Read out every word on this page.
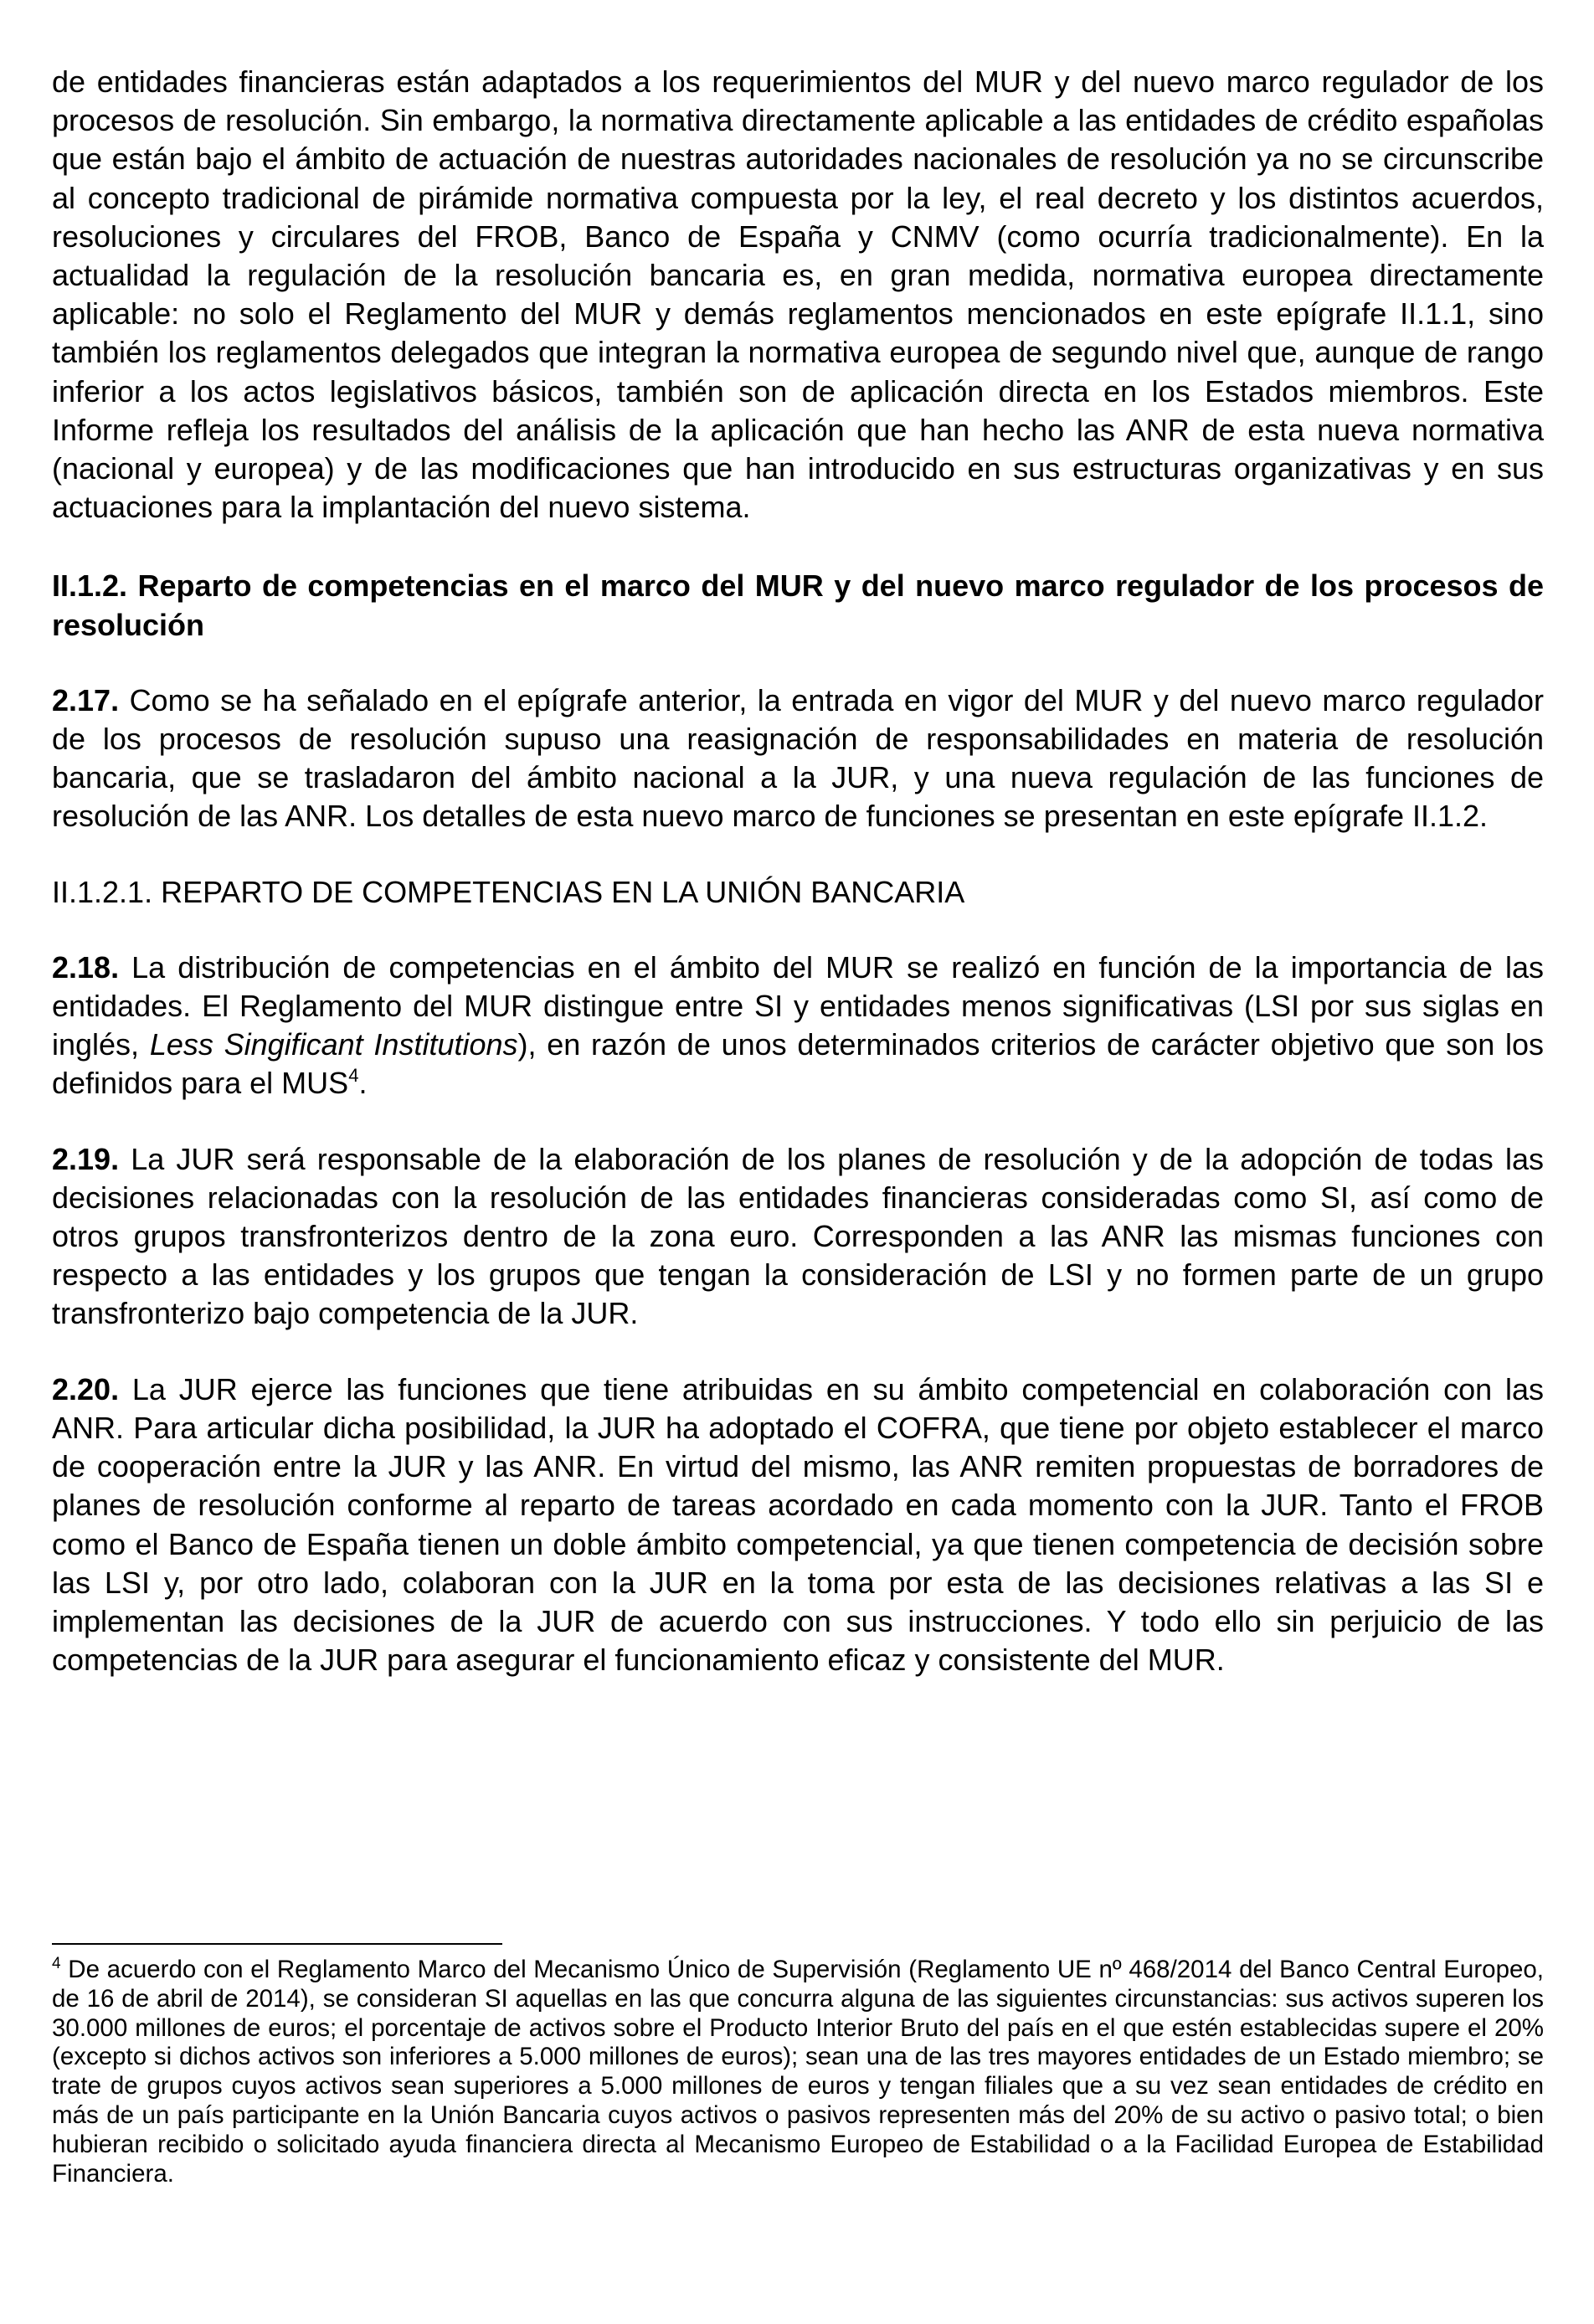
de entidades financieras están adaptados a los requerimientos del MUR y del nuevo marco regulador de los procesos de resolución. Sin embargo, la normativa directamente aplicable a las entidades de crédito españolas que están bajo el ámbito de actuación de nuestras autoridades nacionales de resolución ya no se circunscribe al concepto tradicional de pirámide normativa compuesta por la ley, el real decreto y los distintos acuerdos, resoluciones y circulares del FROB, Banco de España y CNMV (como ocurría tradicionalmente). En la actualidad la regulación de la resolución bancaria es, en gran medida, normativa europea directamente aplicable: no solo el Reglamento del MUR y demás reglamentos mencionados en este epígrafe II.1.1, sino también los reglamentos delegados que integran la normativa europea de segundo nivel que, aunque de rango inferior a los actos legislativos básicos, también son de aplicación directa en los Estados miembros. Este Informe refleja los resultados del análisis de la aplicación que han hecho las ANR de esta nueva normativa (nacional y europea) y de las modificaciones que han introducido en sus estructuras organizativas y en sus actuaciones para la implantación del nuevo sistema.

II.1.2. Reparto de competencias en el marco del MUR y del nuevo marco regulador de los procesos de resolución

2.17. Como se ha señalado en el epígrafe anterior, la entrada en vigor del MUR y del nuevo marco regulador de los procesos de resolución supuso una reasignación de responsabilidades en materia de resolución bancaria, que se trasladaron del ámbito nacional a la JUR, y una nueva regulación de las funciones de resolución de las ANR. Los detalles de esta nuevo marco de funciones se presentan en este epígrafe II.1.2.

II.1.2.1. REPARTO DE COMPETENCIAS EN LA UNIÓN BANCARIA

2.18. La distribución de competencias en el ámbito del MUR se realizó en función de la importancia de las entidades. El Reglamento del MUR distingue entre SI y entidades menos significativas (LSI por sus siglas en inglés, Less Singificant Institutions), en razón de unos determinados criterios de carácter objetivo que son los definidos para el MUS$^4$.

2.19. La JUR será responsable de la elaboración de los planes de resolución y de la adopción de todas las decisiones relacionadas con la resolución de las entidades financieras consideradas como SI, así como de otros grupos transfronterizos dentro de la zona euro. Corresponden a las ANR las mismas funciones con respecto a las entidades y los grupos que tengan la consideración de LSI y no formen parte de un grupo transfronterizo bajo competencia de la JUR.

2.20. La JUR ejerce las funciones que tiene atribuidas en su ámbito competencial en colaboración con las ANR. Para articular dicha posibilidad, la JUR ha adoptado el COFRA, que tiene por objeto establecer el marco de cooperación entre la JUR y las ANR. En virtud del mismo, las ANR remiten propuestas de borradores de planes de resolución conforme al reparto de tareas acordado en cada momento con la JUR. Tanto el FROB como el Banco de España tienen un doble ámbito competencial, ya que tienen competencia de decisión sobre las LSI y, por otro lado, colaboran con la JUR en la toma por esta de las decisiones relativas a las SI e implementan las decisiones de la JUR de acuerdo con sus instrucciones. Y todo ello sin perjuicio de las competencias de la JUR para asegurar el funcionamiento eficaz y consistente del MUR.

$^4$ De acuerdo con el Reglamento Marco del Mecanismo Único de Supervisión (Reglamento UE nº 468/2014 del Banco Central Europeo, de 16 de abril de 2014), se consideran SI aquellas en las que concurra alguna de las siguientes circunstancias: sus activos superen los 30.000 millones de euros; el porcentaje de activos sobre el Producto Interior Bruto del país en el que estén establecidas supere el 20% (excepto si dichos activos son inferiores a 5.000 millones de euros); sean una de las tres mayores entidades de un Estado miembro; se trate de grupos cuyos activos sean superiores a 5.000 millones de euros y tengan filiales que a su vez sean entidades de crédito en más de un país participante en la Unión Bancaria cuyos activos o pasivos representen más del 20% de su activo o pasivo total; o bien hubieran recibido o solicitado ayuda financiera directa al Mecanismo Europeo de Estabilidad o a la Facilidad Europea de Estabilidad Financiera.
